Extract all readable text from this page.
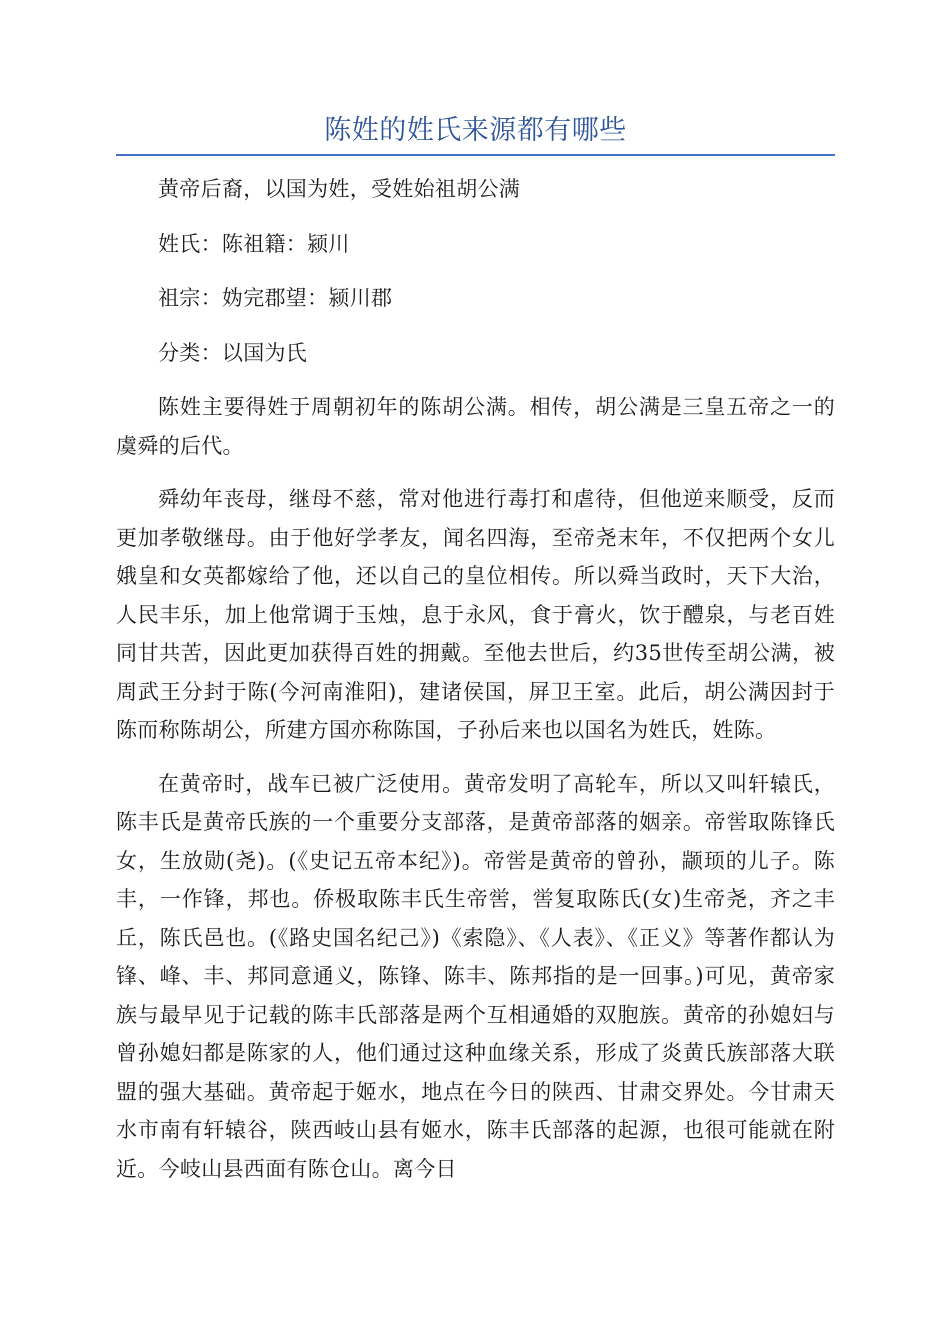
陈姓的姓氏来源都有哪些

黄帝后裔，以国为姓，受姓始祖胡公满

姓氏：陈祖籍：颍川

祖宗：妫完郡望：颍川郡

分类：以国为氏

陈姓主要得姓于周朝初年的陈胡公满。相传，胡公满是三皇五帝之一的虞舜的后代。

舜幼年丧母，继母不慈，常对他进行毒打和虐待，但他逆来顺受，反而更加孝敬继母。由于他好学孝友，闻名四海，至帝尧末年，不仅把两个女儿娥皇和女英都嫁给了他，还以自己的皇位相传。所以舜当政时，天下大治，人民丰乐，加上他常调于玉烛，息于永风，食于膏火，饮于醴泉，与老百姓同甘共苦，因此更加获得百姓的拥戴。至他去世后，约35世传至胡公满，被周武王分封于陈(今河南淮阳)，建诸侯国，屏卫王室。此后，胡公满因封于陈而称陈胡公，所建方国亦称陈国，子孙后来也以国名为姓氏，姓陈。

在黄帝时，战车已被广泛使用。黄帝发明了高轮车，所以又叫轩辕氏，陈丰氏是黄帝氏族的一个重要分支部落，是黄帝部落的姻亲。帝喾取陈锋氏女，生放勋(尧)。(《史记五帝本纪》)。帝喾是黄帝的曾孙，颛顼的儿子。陈丰，一作锋，邦也。侨极取陈丰氏生帝喾，喾复取陈氏(女)生帝尧，齐之丰丘，陈氏邑也。(《路史国名纪己》)《索隐》、《人表》、《正义》等著作都认为锋、峰、丰、邦同意通义，陈锋、陈丰、陈邦指的是一回事。)可见，黄帝家族与最早见于记载的陈丰氏部落是两个互相通婚的双胞族。黄帝的孙媳妇与曾孙媳妇都是陈家的人，他们通过这种血缘关系，形成了炎黄氏族部落大联盟的强大基础。黄帝起于姬水，地点在今日的陕西、甘肃交界处。今甘肃天水市南有轩辕谷，陕西岐山县有姬水，陈丰氏部落的起源，也很可能就在附近。今岐山县西面有陈仓山。离今日
